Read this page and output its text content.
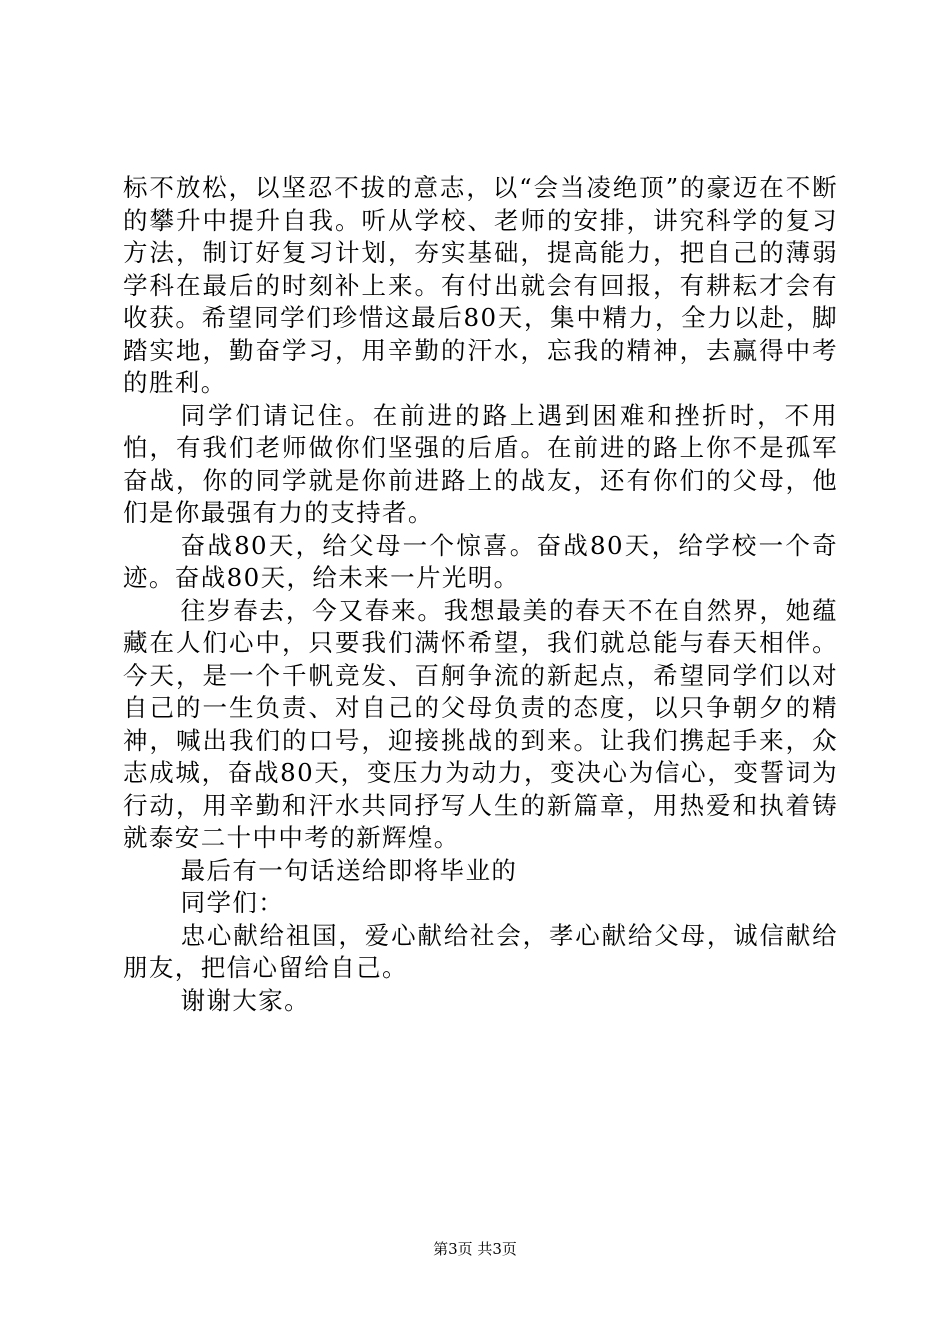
标不放松，以坚忍不拔的意志，以“会当凌绝顶”的豪迈在不断的攀升中提升自我。听从学校、老师的安排，讲究科学的复习方法，制订好复习计划，夯实基础，提高能力，把自己的薄弱学科在最后的时刻补上来。有付出就会有回报，有耕耘才会有收获。希望同学们珍惜这最后80天，集中精力，全力以赴，脚踏实地，勤奋学习，用辛勤的汗水，忘我的精神，去赢得中考的胜利。

同学们请记住。在前进的路上遇到困难和挫折时，不用怕，有我们老师做你们坚强的后盾。在前进的路上你不是孤军奋战，你的同学就是你前进路上的战友，还有你们的父母，他们是你最强有力的支持者。

奋战80天，给父母一个惊喜。奋战80天，给学校一个奇迹。奋战80天，给未来一片光明。

往岁春去，今又春来。我想最美的春天不在自然界，她蕴藏在人们心中，只要我们满怀希望，我们就总能与春天相伴。今天，是一个千帆竞发、百舸争流的新起点，希望同学们以对自己的一生负责、对自己的父母负责的态度，以只争朝夕的精神，喊出我们的口号，迎接挑战的到来。让我们携起手来，众志成城，奋战80天，变压力为动力，变决心为信心，变誓词为行动，用辛勤和汗水共同抒写人生的新篇章，用热爱和执着铸就泰安二十中中考的新辉煌。

最后有一句话送给即将毕业的

同学们：

忠心献给祖国，爱心献给社会，孝心献给父母，诚信献给朋友，把信心留给自己。

谢谢大家。

第3页 共3页
